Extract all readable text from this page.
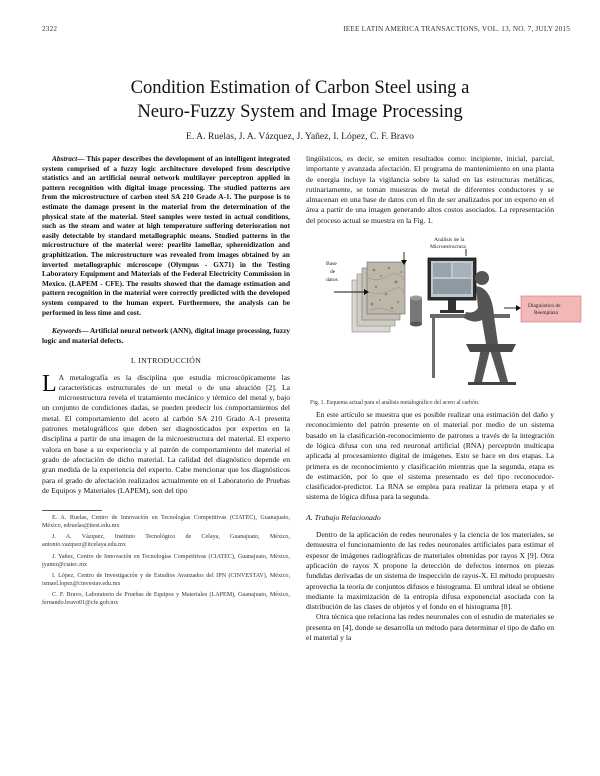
2322	IEEE LATIN AMERICA TRANSACTIONS, VOL. 13, NO. 7, JULY 2015
Condition Estimation of Carbon Steel using a
Neuro-Fuzzy System and Image Processing

E. A. Ruelas, J. A. Vázquez, J. Yañez, I. López, C. F. Bravo

Abstract— This paper describes the development of an intelligent integrated system comprised of a fuzzy logic architecture developed from descriptive statistics and an artificial neural network multilayer perceptron applied in pattern recognition with digital image processing. The studied patterns are from the microstructure of carbon steel SA 210 Grade A-1. The purpose is to estimate the damage present in the material from the determination of the physical state of the material. Steel samples were tested in actual conditions, such as the steam and water at high temperature suffering deterioration not easily detectable by standard metallographic means. Studied patterns in the microstructure of the material were: pearlite lamellar, spheroidization and graphitization. The microstructure was revealed from images obtained by an inverted metallographic microscope (Olympus - GX71) in the Testing Laboratory Equipment and Materials of the Federal Electricity Commission in Mexico. (LAPEM - CFE). The results showed that the damage estimation and pattern recognition in the material were correctly predicted with the developed system compared to the human expert. Furthermore, the analysis can be performed in less time and cost.

Keywords— Artificial neural network (ANN), digital image processing, fuzzy logic and material defects.

I. INTRODUCCIÓN

L A metalografía es la disciplina que estudia microscópicamente las características estructurales de un metal o de una aleación [2]. La microestructura revela el tratamiento mecánico y térmico del metal y, bajo un conjunto de condiciones dadas, se pueden predecir los comportamientos del metal. El comportamiento del acero al carbón SA 210 Grado A-1 presenta patrones metalográficos que deben ser diagnosticados por expertos en la disciplina a partir de una imagen de la microestructura del material. El experto valora en base a su experiencia y al patrón de comportamiento del material el grado de afectación de dicho material. La calidad del diagnóstico depende en gran medida de la experiencia del experto. Cabe mencionar que los diagnósticos para el grado de afectación realizados actualmente en el Laboratorio de Pruebas de Equipos y Materiales (LAPEM), son del tipo

E. A. Ruelas, Centro de Innovación en Tecnologías Competitivas (CIATEC), Guanajuato, México, edruelas@itesi.edu.mx

J. A. Vázquez, Instituto Tecnológico de Celaya, Guanajuato, México, antonio.vazquez@itcelaya.edu.mx

J. Yañez, Centro de Innovación en Tecnologías Competitivas (CIATEC), Guanajuato, México, jyanez@ciatec.mx

I. López, Centro de Investigación y de Estudios Avanzados del IPN (CINVESTAV), México, ismael.lopez@cinvestav.edu.mx

C. F. Bravo, Laboratorio de Pruebas de Equipos y Materiales (LAPEM), Guanajuato, México, fernando.bravo01@cfe.gob.mx

lingüísticos, es decir, se emiten resultados como: incipiente, inicial, parcial, importante y avanzada afectación. El programa de mantenimiento en una planta de energía incluye la vigilancia sobre la salud en las estructuras metálicas, rutinariamente, se toman muestras de metal de diferentes conductores y se almacenan en una base de datos con el fin de ser analizados por un experto en el área a partir de una imagen generando altos costos asociados. La representación del proceso actual se muestra en la Fig. 1.

Diagnóstico de
Reemplazo
Base
de
datos
Análisis de la
Microestructura

Fig. 1. Esquema actual para el análisis metalográfico del acero al carbón.

En este artículo se muestra que es posible realizar una estimación del daño y reconocimiento del patrón presente en el material por medio de un sistema basado en la clasificación-reconocimiento de patrones a través de la integración de lógica difusa con una red neuronal artificial (RNA) perceptrón multicapa aplicada al procesamiento digital de imágenes. Esto se hace en dos etapas. La primera es de reconocimiento y clasificación mientras que la segunda, etapa es de estimación, por lo que el sistema presentado es del tipo reconocedor-clasificador-predictor. La RNA se emplea para realizar la primera etapa y el sistema de lógica difusa para la segunda.

A. Trabajo Relacionado

Dentro de la aplicación de redes neuronales y la ciencia de los materiales, se demuestra el funcionamiento de las redes neuronales artificiales para estimar el espesor de imágenes radiográficas de materiales obtenidas por rayos X [9]. Otra aplicación de rayos X propone la detección de defectos internos en piezas fundidas derivadas de un sistema de inspección de rayos-X. El método propuesto aprovecha la teoría de conjuntos difusos e histograma. El umbral ideal se obtiene mediante la maximización de la entropía difusa exponencial asociada con la distribución de las clases de objetos y el fondo en el histograma [8].

Otra técnica que relaciona las redes neuronales con el estudio de materiales se presenta en [4], donde se desarrolla un método para determinar el tipo de daño en el material y la
